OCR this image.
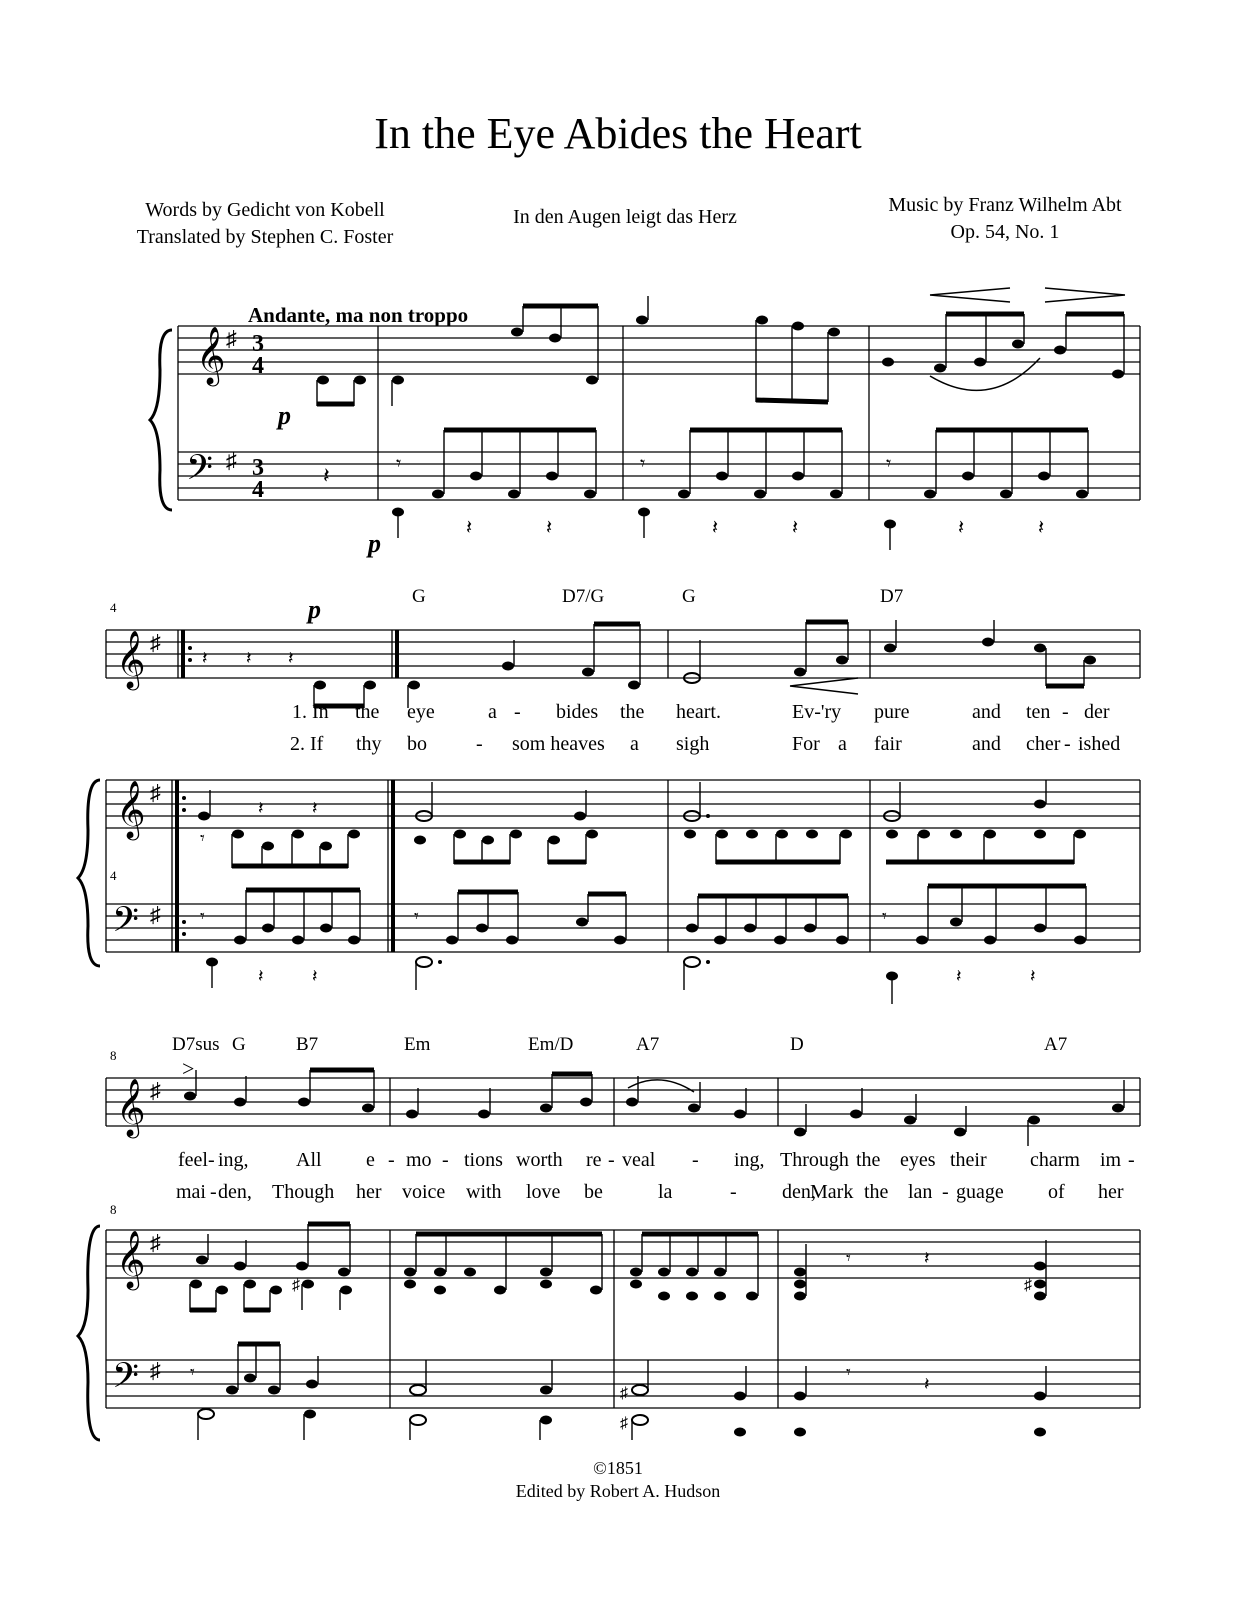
In the Eye Abides the Heart
Words by Gedicht von Kobell
Translated by Stephen C. Foster
In den Augen leigt das Herz
Music by Franz Wilhelm Abt
Op. 54, No. 1
Andante, ma non troppo
𝄞
𝄢
♯
♯
3
4
3
4
p
p
𝄽	𝄾
𝄽	𝄽
𝄾
𝄽	𝄽
𝄾
𝄽	𝄽
4
4
p	G	D7/G	G	D7
𝄞 ♯
𝄽 𝄽 𝄽
1. In the eye	a - bides the heart.	Ev-'ry pure	and ten - der
2. If thy bo - som heaves a sigh	For a fair	and cher - ished
𝄞
𝄢
♯
♯
𝄽	𝄽
𝄾
𝄾
𝄽	𝄽
𝄾	𝄾
𝄽	𝄽
8
8
D7sus G	B7	Em	Em/D	A7	D	A7
>
𝄞 ♯
feel - ing, All e - mo - tions worth re - veal - ing, Through the eyes their charm im -
mai - den, Though her voice with love be	la	- den,
Mark the lan - guage of her
𝄞
𝄢
♯
♯
♯
𝄾	𝄽
♯
𝄾
♯
♯
𝄾
𝄽
©1851
Edited by Robert A. Hudson
